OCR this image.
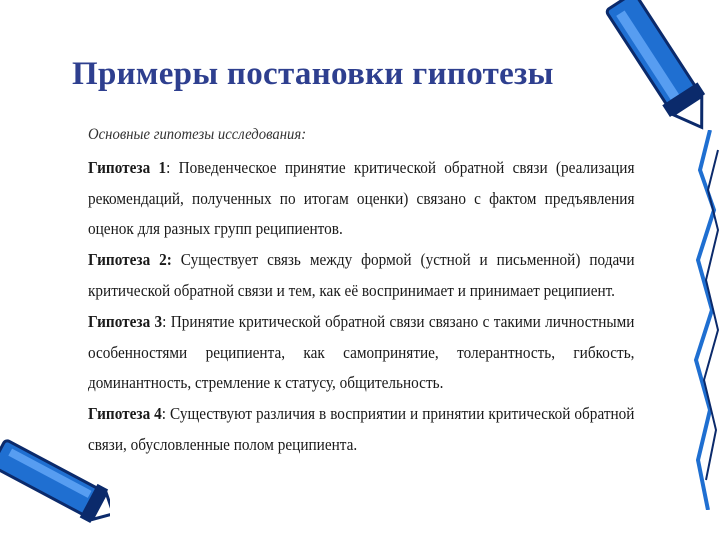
Примеры постановки гипотезы

Основные гипотезы исследования:

Гипотеза 1: Поведенческое принятие критической обратной связи (реализация рекомендаций, полученных по итогам оценки) связано с фактом предъявления оценок для разных групп реципиентов.

Гипотеза 2: Существует связь между формой (устной и письменной) подачи критической обратной связи и тем, как её воспринимает и принимает реципиент.

Гипотеза 3: Принятие критической обратной связи связано с такими личностными особенностями реципиента, как самопринятие, толерантность, гибкость, доминантность, стремление к статусу, общительность.

Гипотеза 4: Существуют различия в восприятии и принятии критической обратной связи, обусловленные полом реципиента.
